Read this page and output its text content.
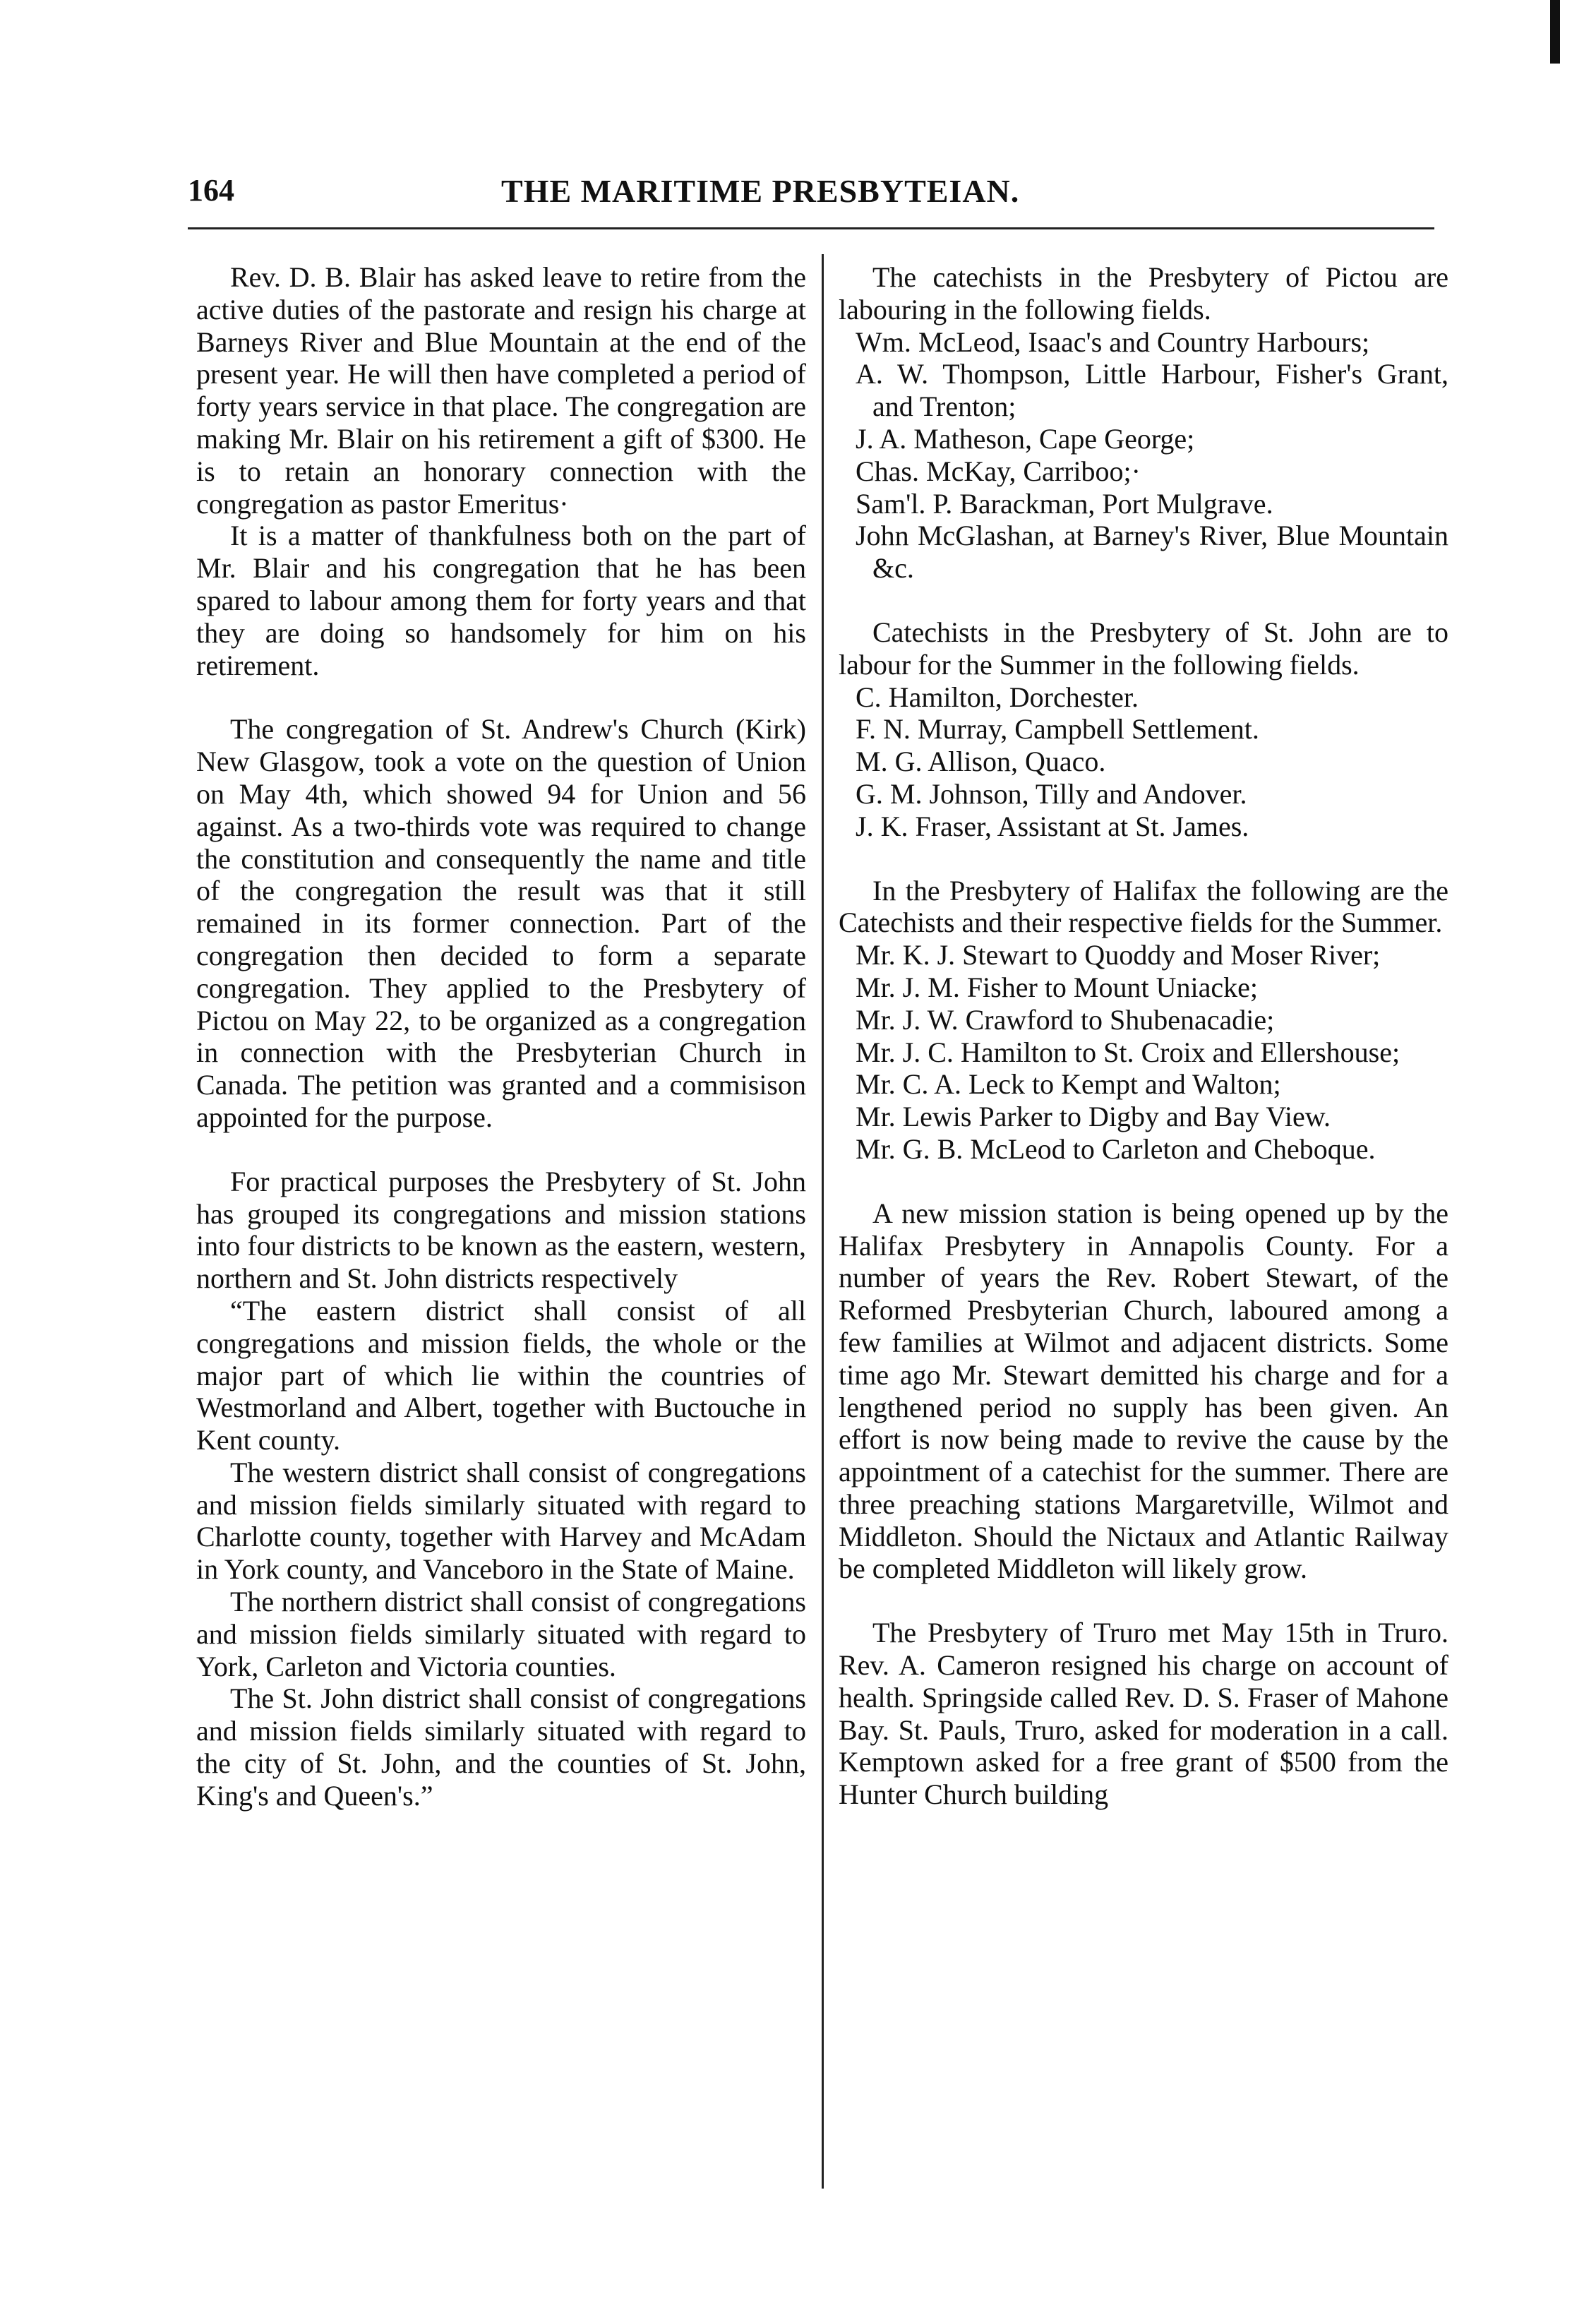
164	THE MARITIME PRESBYTEIAN.

Rev. D. B. Blair has asked leave to retire from the active duties of the pastorate and resign his charge at Barneys River and Blue Mountain at the end of the present year. He will then have completed a period of forty years service in that place. The congregation are making Mr. Blair on his retirement a gift of $300. He is to retain an honorary connection with the congregation as pastor Emeritus·

It is a matter of thankfulness both on the part of Mr. Blair and his congregation that he has been spared to labour among them for forty years and that they are doing so handsomely for him on his retirement.

The congregation of St. Andrew's Church (Kirk) New Glasgow, took a vote on the question of Union on May 4th, which showed 94 for Union and 56 against. As a two-thirds vote was required to change the constitution and consequently the name and title of the congregation the result was that it still remained in its former connection. Part of the congregation then decided to form a separate congregation. They applied to the Presbytery of Pictou on May 22, to be organized as a congregation in connection with the Presbyterian Church in Canada. The petition was granted and a commisison appointed for the purpose.

For practical purposes the Presbytery of St. John has grouped its congregations and mission stations into four districts to be known as the eastern, western, northern and St. John districts respectively

“The eastern district shall consist of all congregations and mission fields, the whole or the major part of which lie within the countries of Westmorland and Albert, together with Buctouche in Kent county.

The western district shall consist of congregations and mission fields similarly situated with regard to Charlotte county, together with Harvey and McAdam in York county, and Vanceboro in the State of Maine.

The northern district shall consist of congregations and mission fields similarly situated with regard to York, Carleton and Victoria counties.

The St. John district shall consist of congregations and mission fields similarly situated with regard to the city of St. John, and the counties of St. John, King's and Queen's.”

The catechists in the Presbytery of Pictou are labouring in the following fields.

Wm. McLeod, Isaac's and Country Harbours;

A. W. Thompson, Little Harbour, Fisher's Grant, and Trenton;

J. A. Matheson, Cape George;

Chas. McKay, Carriboo;·

Sam'l. P. Barackman, Port Mulgrave.

John McGlashan, at Barney's River, Blue Mountain &c.

Catechists in the Presbytery of St. John are to labour for the Summer in the following fields.

C. Hamilton, Dorchester.

F. N. Murray, Campbell Settlement.

M. G. Allison, Quaco.

G. M. Johnson, Tilly and Andover.

J. K. Fraser, Assistant at St. James.

In the Presbytery of Halifax the following are the Catechists and their respective fields for the Summer.

Mr. K. J. Stewart to Quoddy and Moser River;

Mr. J. M. Fisher to Mount Uniacke;

Mr. J. W. Crawford to Shubenacadie;

Mr. J. C. Hamilton to St. Croix and Ellershouse;

Mr. C. A. Leck to Kempt and Walton;

Mr. Lewis Parker to Digby and Bay View.

Mr. G. B. McLeod to Carleton and Cheboque.

A new mission station is being opened up by the Halifax Presbytery in Annapolis County. For a number of years the Rev. Robert Stewart, of the Reformed Presbyterian Church, laboured among a few families at Wilmot and adjacent districts. Some time ago Mr. Stewart demitted his charge and for a lengthened period no supply has been given. An effort is now being made to revive the cause by the appointment of a catechist for the summer. There are three preaching stations Margaretville, Wilmot and Middleton. Should the Nictaux and Atlantic Railway be completed Middleton will likely grow.

The Presbytery of Truro met May 15th in Truro. Rev. A. Cameron resigned his charge on account of health. Springside called Rev. D. S. Fraser of Mahone Bay. St. Pauls, Truro, asked for moderation in a call. Kemptown asked for a free grant of $500 from the Hunter Church building
